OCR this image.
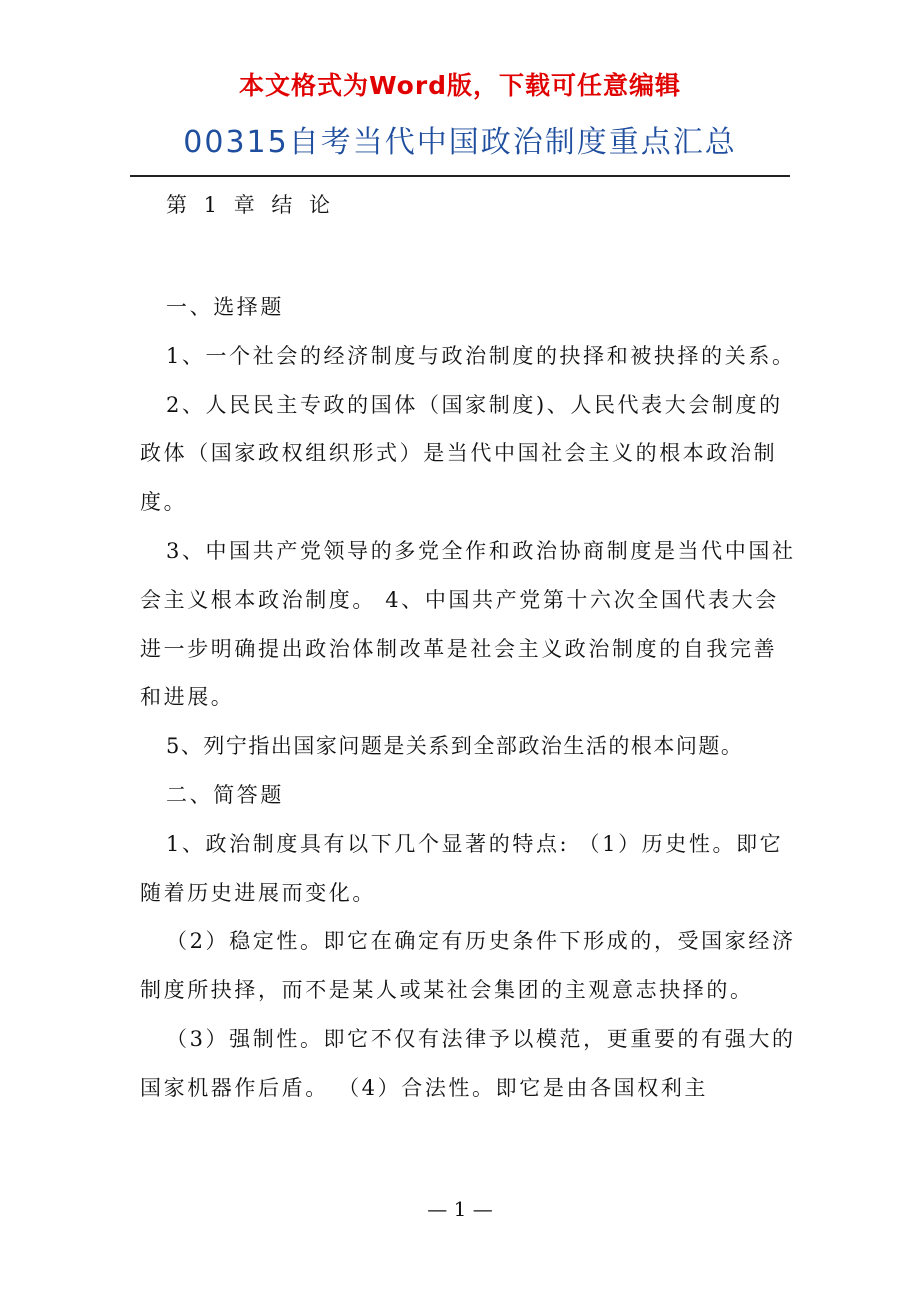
本文格式为Word版，下载可任意编辑
00315自考当代中国政治制度重点汇总
第 1 章 结 论

一、选择题

1、一个社会的经济制度与政治制度的抉择和被抉择的关系。

2、人民民主专政的国体（国家制度)、人民代表大会制度的政体（国家政权组织形式）是当代中国社会主义的根本政治制度。

3、中国共产党领导的多党全作和政治协商制度是当代中国社会主义根本政治制度。 4、中国共产党第十六次全国代表大会进一步明确提出政治体制改革是社会主义政治制度的自我完善和进展。

5、列宁指出国家问题是关系到全部政治生活的根本问题。

二、简答题

1、政治制度具有以下几个显著的特点: （1）历史性。即它随着历史进展而变化。

（2）稳定性。即它在确定有历史条件下形成的，受国家经济制度所抉择，而不是某人或某社会集团的主观意志抉择的。

（3）强制性。即它不仅有法律予以模范，更重要的有强大的国家机器作后盾。 （4）合法性。即它是由各国权利主

— 1 —
